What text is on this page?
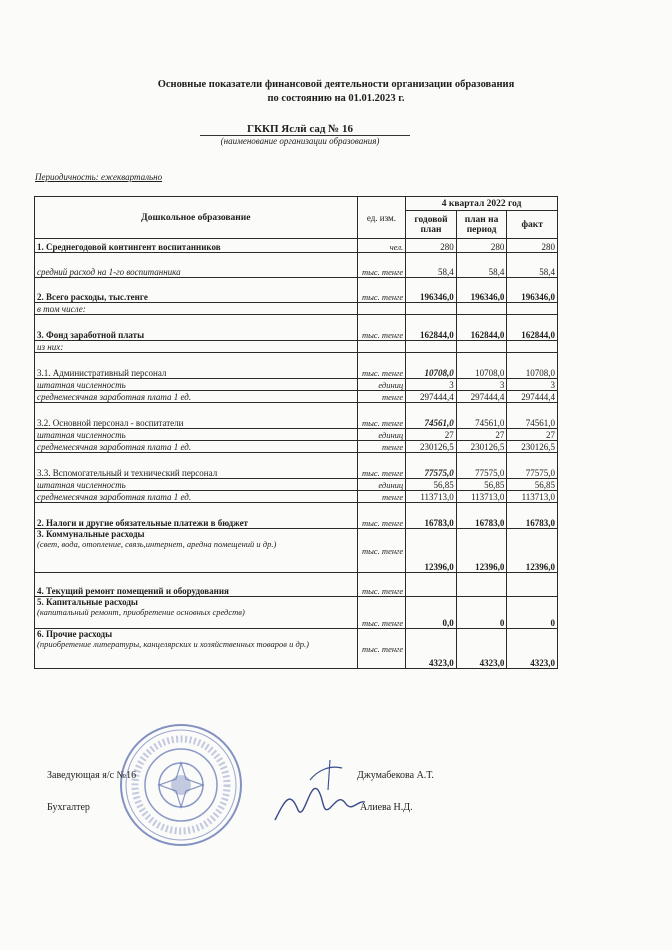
Основные показатели финансовой деятельности организации образования
по состоянию на 01.01.2023 г.
ГККП Яслй сад № 16
(наименование организации образования)
Периодичность: ежеквартально
Дошкольное образование	ед. изм.	4 квартал 2022 год		
		годовой план	план на период	факт
1. Среднегодовой контингент воспитанников	чел.	280	280	280
средний расход на 1-го воспитанника	тыс. тенге	58,4	58,4	58,4
2. Всего расходы, тыс.тенге	тыс. тенге	196346,0	196346,0	196346,0
в том числе:				
3. Фонд заработной платы	тыс. тенге	162844,0	162844,0	162844,0
из них:				
3.1. Административный персонал	тыс. тенге	10708,0	10708,0	10708,0
штатная численность	единиц	3	3	3
среднемесячная заработная плата 1 ед.	тенге	297444,4	297444,4	297444,4
3.2. Основной персонал - воспитатели	тыс. тенге	74561,0	74561,0	74561,0
штатная численность	единиц	27	27	27
среднемесячная заработная плата 1 ед.	тенге	230126,5	230126,5	230126,5
3.3. Вспомогательный и технический персонал	тыс. тенге	77575,0	77575,0	77575,0
штатная численность	единиц	56,85	56,85	56,85
среднемесячная заработная плата 1 ед.	тенге	113713,0	113713,0	113713,0
2. Налоги и другие обязательные платежи в бюджет	тыс. тенге	16783,0	16783,0	16783,0
3. Коммунальные расходы
(свет, вода, отопление, связь,интернет, аредна помещений и др.)	тыс. тенге	12396,0	12396,0	12396,0
4. Текущий ремонт помещений и оборудования	тыс. тенге			
5. Капитальные расходы
(капитальный ремонт, приобретение основных средств)	тыс. тенге	0,0	0	0
6. Прочие расходы
(приобретение литературы, канцелярских и хозяйственных товаров и др.)	тыс. тенге	4323,0	4323,0	4323,0
Заведующая я/с №16	Джумабекова А.Т.
Бухгалтер	Алиева Н.Д.
